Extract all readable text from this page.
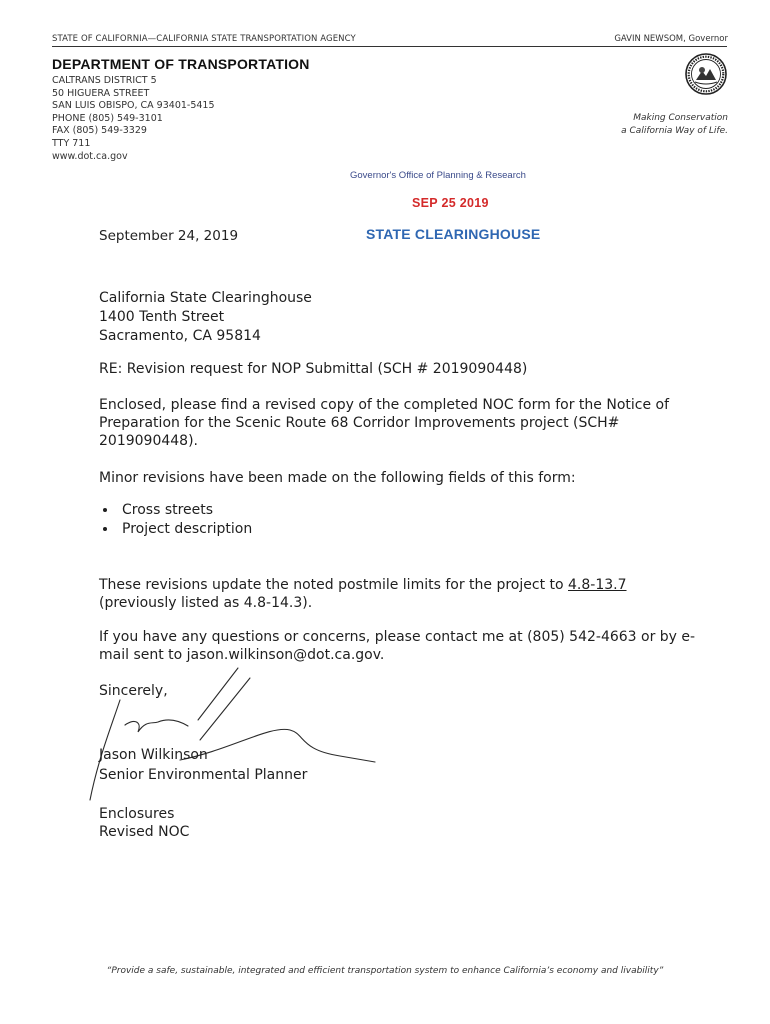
STATE OF CALIFORNIA—CALIFORNIA STATE TRANSPORTATION AGENCY	GAVIN NEWSOM, Governor
DEPARTMENT OF TRANSPORTATION
CALTRANS DISTRICT 5
50 HIGUERA STREET
SAN LUIS OBISPO, CA 93401-5415
PHONE (805) 549-3101
FAX (805) 549-3329
TTY 711
www.dot.ca.gov
Making Conservation
a California Way of Life.
Governor's Office of Planning & Research
SEP 25 2019
STATE CLEARINGHOUSE
September 24, 2019
California State Clearinghouse
1400 Tenth Street
Sacramento, CA 95814
RE: Revision request for NOP Submittal (SCH # 2019090448)
Enclosed, please find a revised copy of the completed NOC form for the Notice of Preparation for the Scenic Route 68 Corridor Improvements project (SCH# 2019090448).
Minor revisions have been made on the following fields of this form:
Cross streets
Project description
These revisions update the noted postmile limits for the project to 4.8-13.7 (previously listed as 4.8-14.3).
If you have any questions or concerns, please contact me at (805) 542-4663 or by e-mail sent to jason.wilkinson@dot.ca.gov.
Sincerely,
Jason Wilkinson
Senior Environmental Planner
Enclosures
Revised NOC
“Provide a safe, sustainable, integrated and efficient transportation system to enhance California’s economy and livability”
